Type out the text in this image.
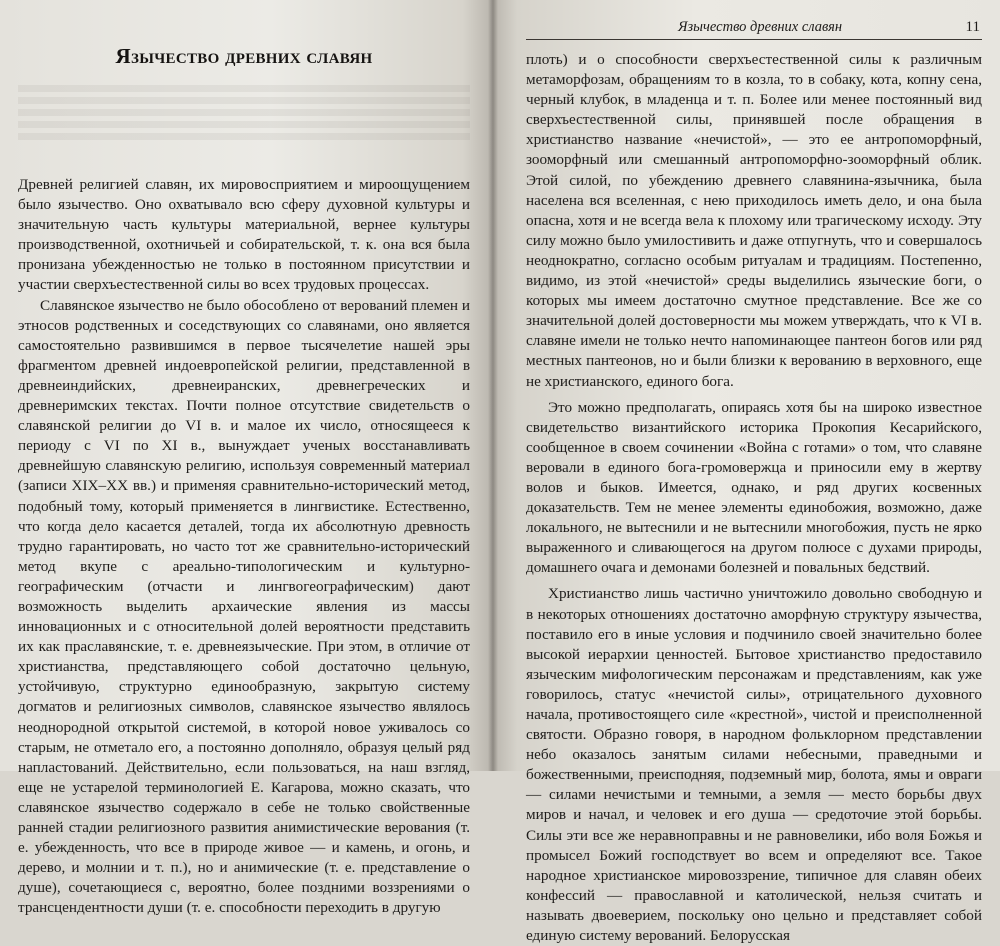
Язычество древних славян

Древней религией славян, их мировосприятием и мироощущением было язычество. Оно охватывало всю сферу духовной культуры и значительную часть культуры материальной, вернее культуры производственной, охотничьей и собирательской, т. к. она вся была пронизана убежденностью не только в постоянном присутствии и участии сверхъестественной силы во всех трудовых процессах.

Славянское язычество не было обособлено от верований племен и этносов родственных и соседствующих со славянами, оно является самостоятельно развившимся в первое тысячелетие нашей эры фрагментом древней индоевропейской религии, представленной в древнеиндийских, древнеиранских, древнегреческих и древнеримских текстах. Почти полное отсутствие свидетельств о славянской религии до VI в. и малое их число, относящееся к периоду с VI по XI в., вынуждает ученых восстанавливать древнейшую славянскую религию, используя современный материал (записи XIX–XX вв.) и применяя сравнительно-исторический метод, подобный тому, который применяется в лингвистике. Естественно, что когда дело касается деталей, тогда их абсолютную древность трудно гарантировать, но часто тот же сравнительно-исторический метод вкупе с ареально-типологическим и культурно-географическим (отчасти и лингвогеографическим) дают возможность выделить архаические явления из массы инновационных и с относительной долей вероятности представить их как праславянские, т. е. древнеязыческие. При этом, в отличие от христианства, представляющего собой достаточно цельную, устойчивую, структурно единообразную, закрытую систему догматов и религиозных символов, славянское язычество являлось неоднородной открытой системой, в которой новое уживалось со старым, не отметало его, а постоянно дополняло, образуя целый ряд напластований. Действительно, если пользоваться, на наш взгляд, еще не устарелой терминологией Е. Кагарова, можно сказать, что славянское язычество содержало в себе не только свойственные ранней стадии религиозного развития анимистические верования (т. е. убежденность, что все в природе живое — и камень, и огонь, и дерево, и молнии и т. п.), но и анимические (т. е. представление о душе), сочетающиеся с, вероятно, более поздними воззрениями о трансцендентности души (т. е. способности переходить в другую

Язычество древних славян	11

плоть) и о способности сверхъестественной силы к различным метаморфозам, обращениям то в козла, то в собаку, кота, копну сена, черный клубок, в младенца и т. п. Более или менее постоянный вид сверхъестественной силы, принявшей после обращения в христианство название «нечистой», — это ее антропоморфный, зооморфный или смешанный антропоморфно-зооморфный облик. Этой силой, по убеждению древнего славянина-язычника, была населена вся вселенная, с нею приходилось иметь дело, и она была опасна, хотя и не всегда вела к плохому или трагическому исходу. Эту силу можно было умилостивить и даже отпугнуть, что и совершалось неоднократно, согласно особым ритуалам и традициям. Постепенно, видимо, из этой «нечистой» среды выделились языческие боги, о которых мы имеем достаточно смутное представление. Все же со значительной долей достоверности мы можем утверждать, что к VI в. славяне имели не только нечто напоминающее пантеон богов или ряд местных пантеонов, но и были близки к верованию в верховного, еще не христианского, единого бога.

Это можно предполагать, опираясь хотя бы на широко известное свидетельство византийского историка Прокопия Кесарийского, сообщенное в своем сочинении «Война с готами» о том, что славяне веровали в единого бога-громовержца и приносили ему в жертву волов и быков. Имеется, однако, и ряд других косвенных доказательств. Тем не менее элементы единобожия, возможно, даже локального, не вытеснили и не вытеснили многобожия, пусть не ярко выраженного и сливающегося на другом полюсе с духами природы, домашнего очага и демонами болезней и повальных бедствий.

Христианство лишь частично уничтожило довольно свободную и в некоторых отношениях достаточно аморфную структуру язычества, поставило его в иные условия и подчинило своей значительно более высокой иерархии ценностей. Бытовое христианство предоставило языческим мифологическим персонажам и представлениям, как уже говорилось, статус «нечистой силы», отрицательного духовного начала, противостоящего силе «крестной», чистой и преисполненной святости. Образно говоря, в народном фольклорном представлении небо оказалось занятым силами небесными, праведными и божественными, преисподняя, подземный мир, болота, ямы и овраги — силами нечистыми и темными, а земля — место борьбы двух миров и начал, и человек и его душа — средоточие этой борьбы. Силы эти все же неравноправны и не равновелики, ибо воля Божья и промысел Божий господствует во всем и определяют все. Такое народное христианское мировоззрение, типичное для славян обеих конфессий — православной и католической, нельзя считать и называть двоеверием, поскольку оно цельно и представляет собой единую систему верований. Белорусская
